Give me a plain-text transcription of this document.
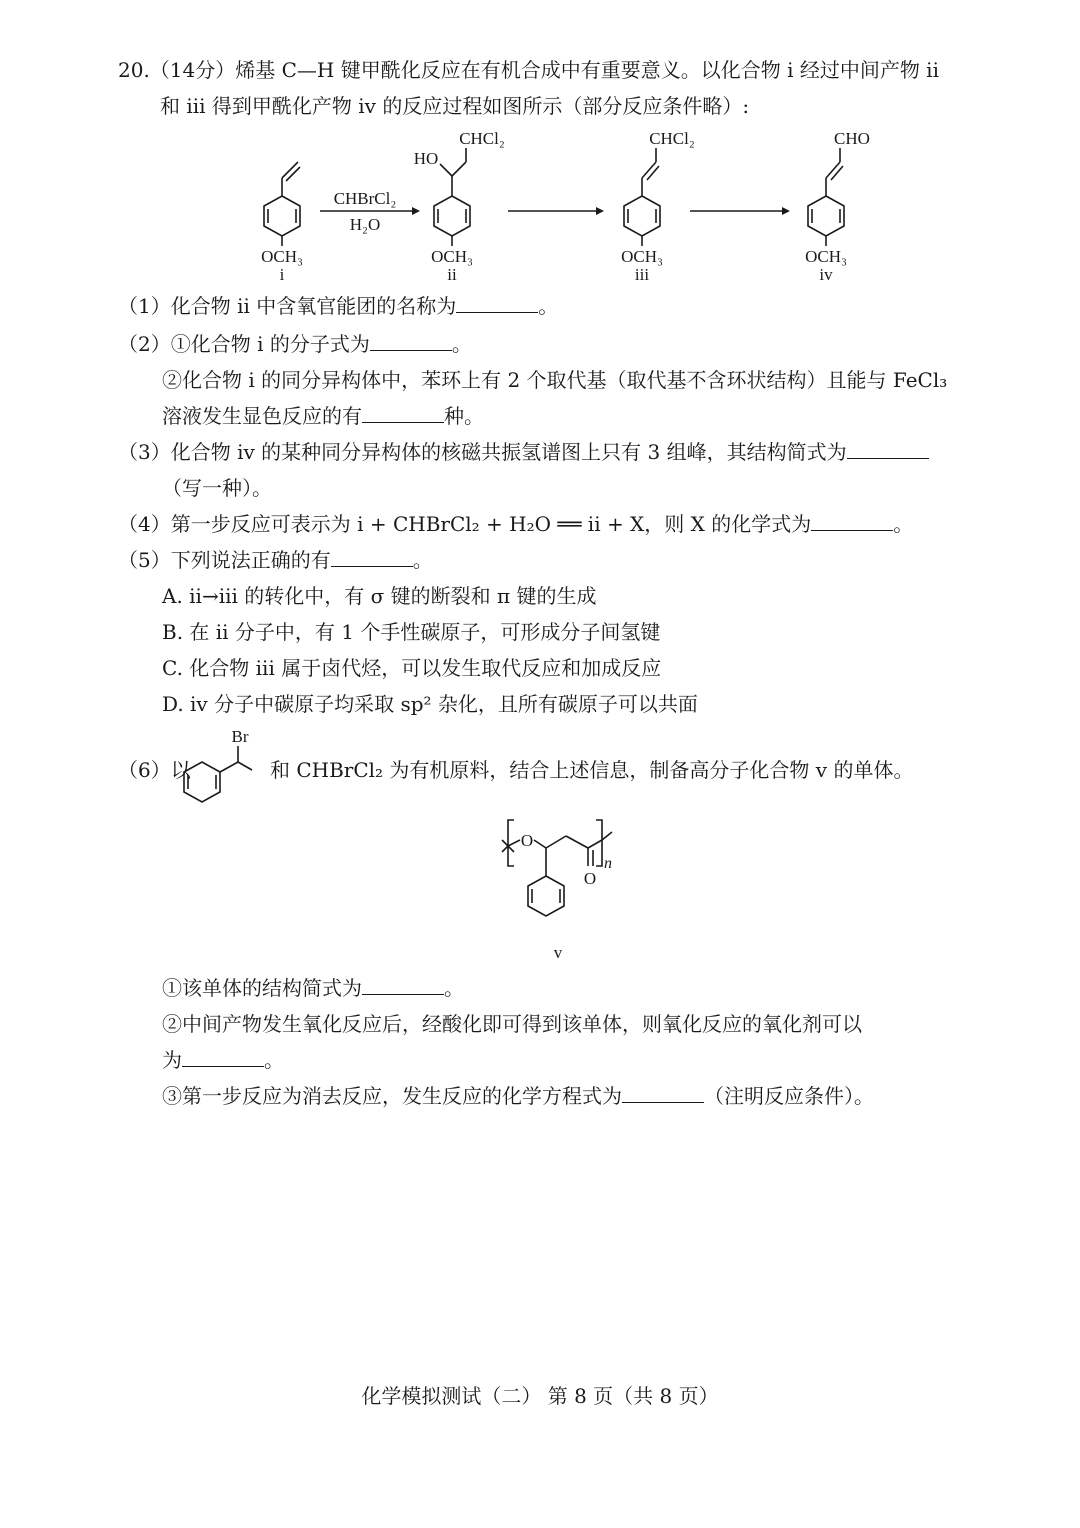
20.（14分）烯基 C—H 键甲酰化反应在有机合成中有重要意义。以化合物 i 经过中间产物 ii
和 iii 得到甲酰化产物 iv 的反应过程如图所示（部分反应条件略）:
OCH₃
i
CHCl₂
HO
OCH₃
ii
CHCl₂
OCH₃
iii
CHO
OCH₃
iv
CHBrCl₂
H₂O
（1）化合物 ii 中含氧官能团的名称为	。
（2）①化合物 i 的分子式为	。
②化合物 i 的同分异构体中，苯环上有 2 个取代基（取代基不含环状结构）且能与 FeCl₃
溶液发生显色反应的有	种。
（3）化合物 iv 的某种同分异构体的核磁共振氢谱图上只有 3 组峰，其结构简式为
（写一种）。
（4）第一步反应可表示为 i + CHBrCl₂ + H₂O ══ ii + X，则 X 的化学式为	。
（5）下列说法正确的有	。
A. ii→iii 的转化中，有 σ 键的断裂和 π 键的生成
B. 在 ii 分子中，有 1 个手性碳原子，可形成分子间氢键
C. 化合物 iii 属于卤代烃，可以发生取代反应和加成反应
D. iv 分子中碳原子均采取 sp² 杂化，且所有碳原子可以共面
（6）以
Br
和 CHBrCl₂ 为有机原料，结合上述信息，制备高分子化合物 v 的单体。
O
O
n
v
①该单体的结构简式为	。
②中间产物发生氧化反应后，经酸化即可得到该单体，则氧化反应的氧化剂可以
为	。
③第一步反应为消去反应，发生反应的化学方程式为	（注明反应条件）。
化学模拟测试（二） 第 8 页（共 8 页）
